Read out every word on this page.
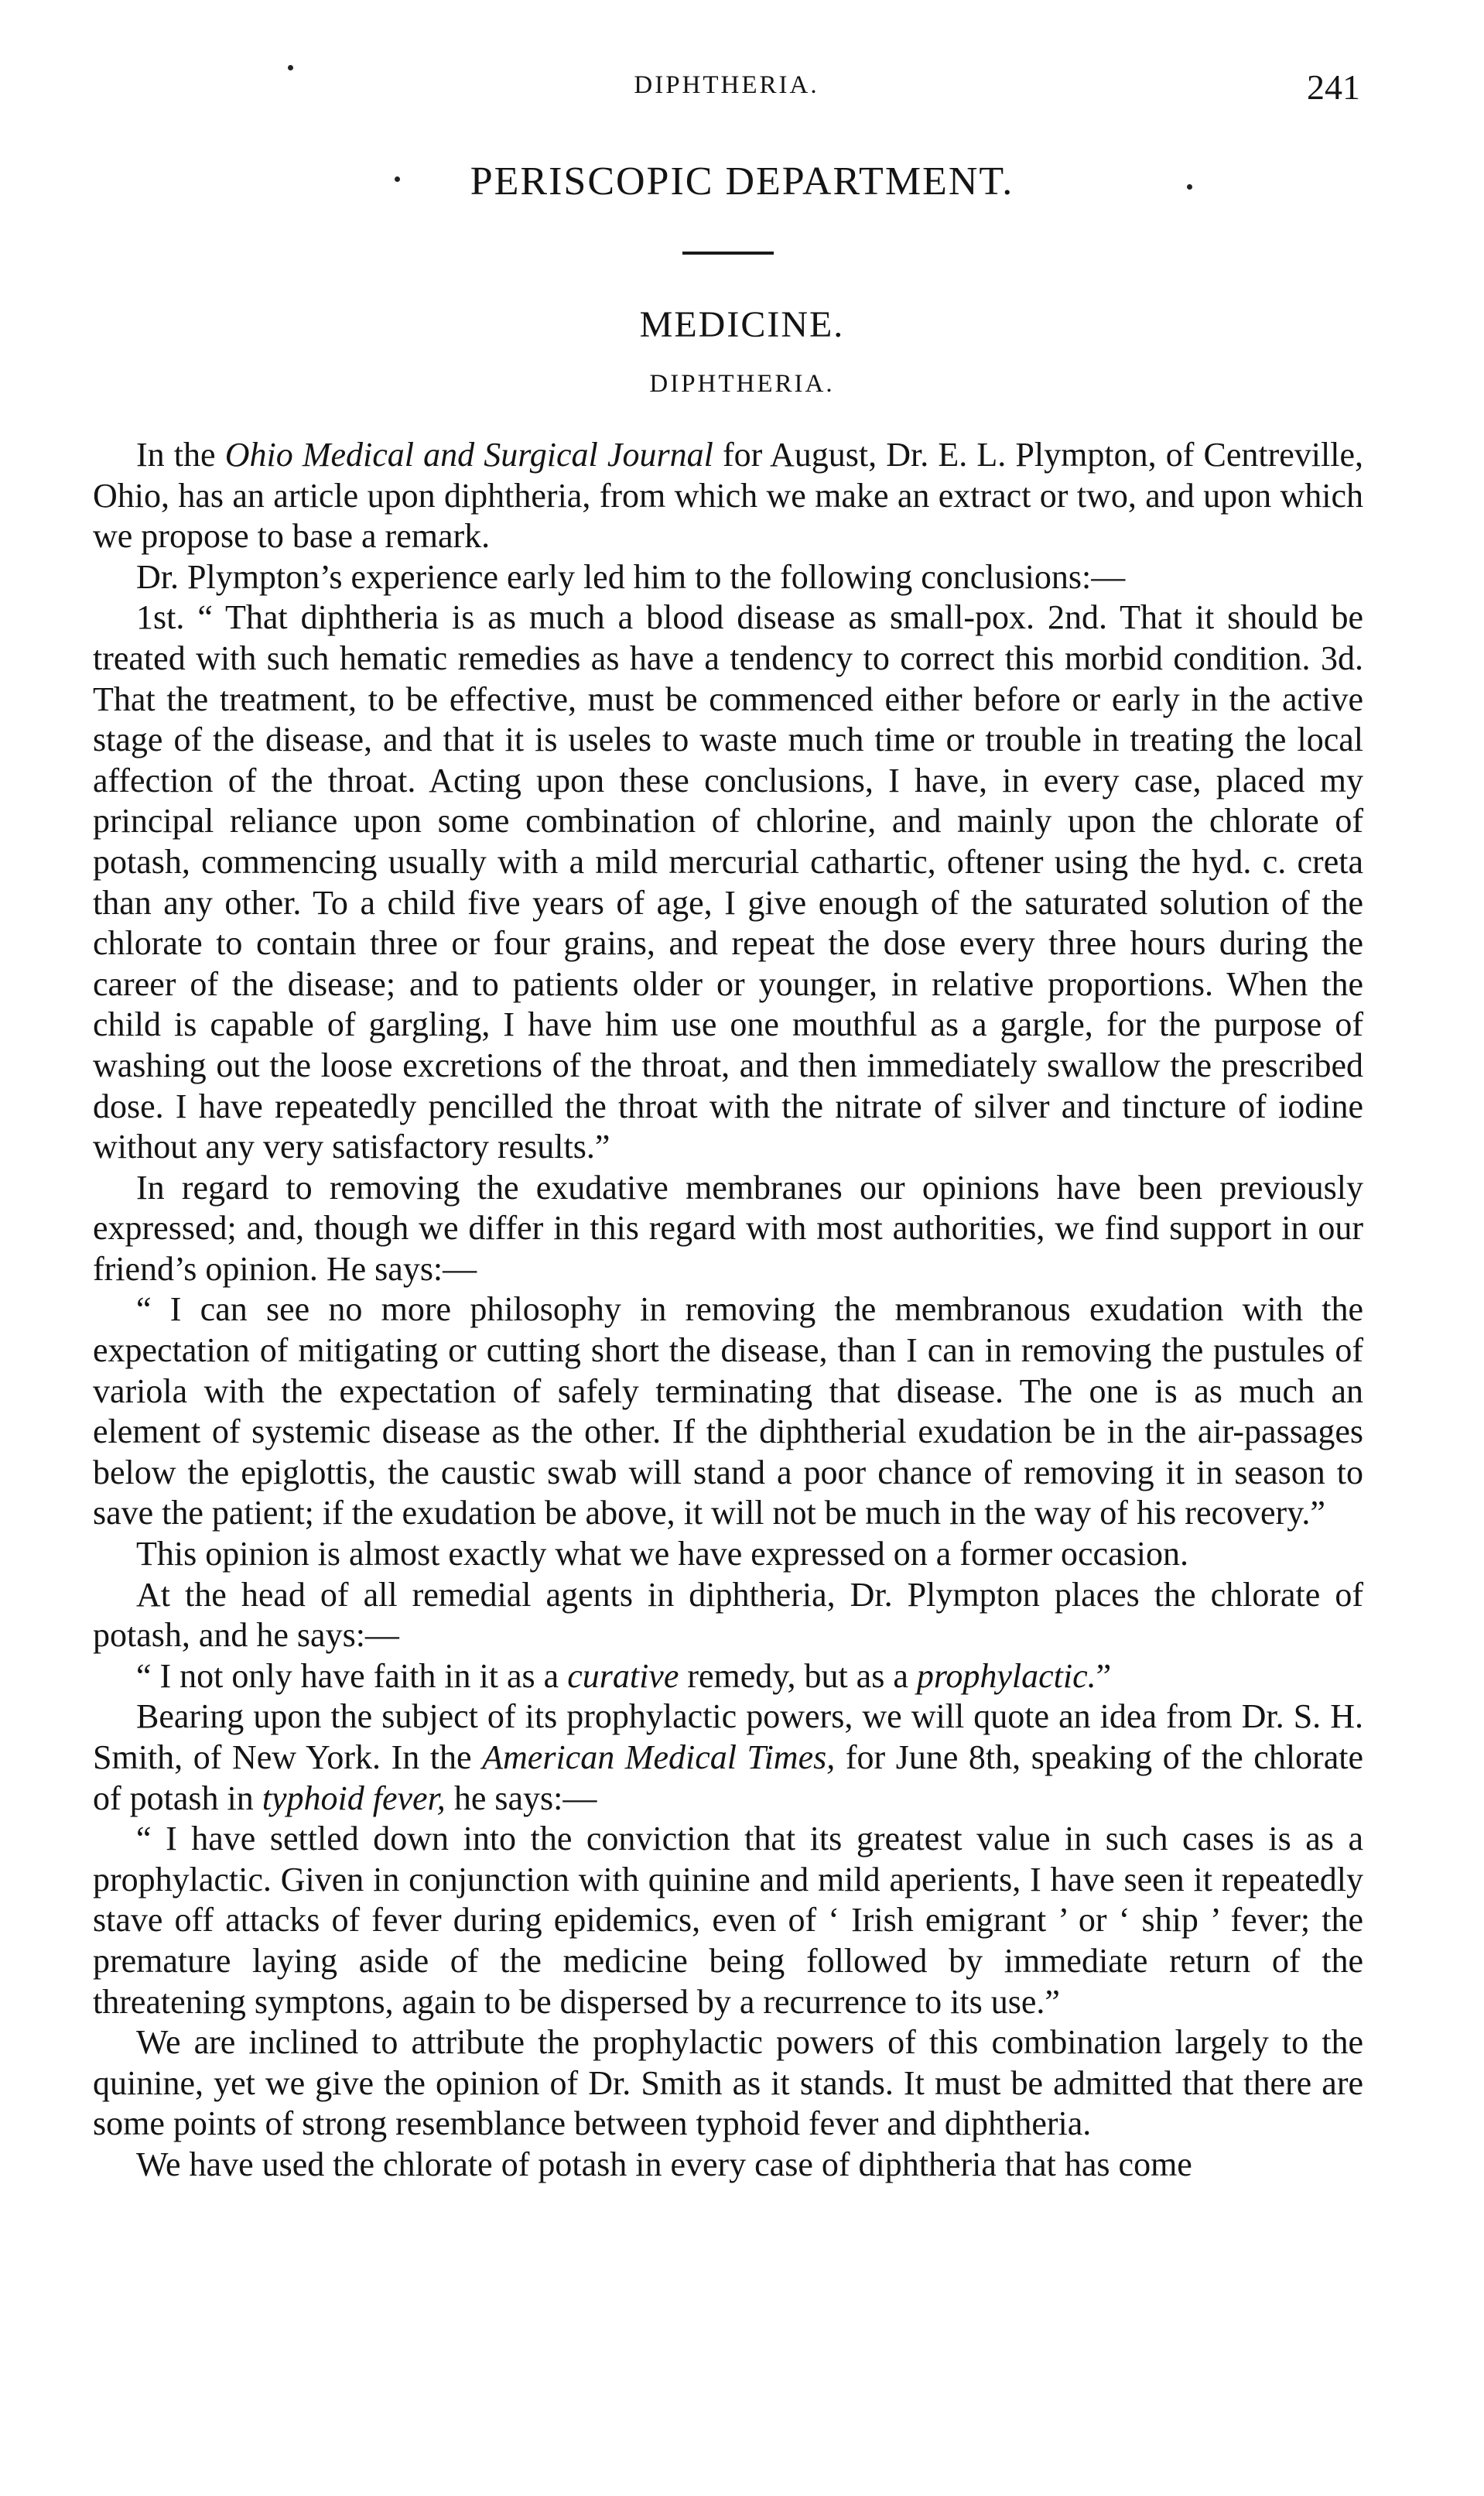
DIPHTHERIA.	241
PERISCOPIC DEPARTMENT.
MEDICINE.
DIPHTHERIA.

In the Ohio Medical and Surgical Journal for August, Dr. E. L. Plympton, of Centreville, Ohio, has an article upon diphtheria, from which we make an extract or two, and upon which we propose to base a remark.

Dr. Plympton’s experience early led him to the following conclusions:—

1st. “ That diphtheria is as much a blood disease as small-pox. 2nd. That it should be treated with such hematic remedies as have a tendency to correct this morbid condition. 3d. That the treatment, to be effective, must be commenced either before or early in the active stage of the disease, and that it is useles to waste much time or trouble in treating the local affection of the throat. Acting upon these conclusions, I have, in every case, placed my principal reliance upon some combination of chlorine, and mainly upon the chlorate of potash, commencing usually with a mild mercurial cathartic, oftener using the hyd. c. creta than any other. To a child five years of age, I give enough of the saturated solution of the chlorate to contain three or four grains, and repeat the dose every three hours during the career of the disease; and to patients older or younger, in relative proportions. When the child is capable of gargling, I have him use one mouthful as a gargle, for the purpose of washing out the loose excretions of the throat, and then immediately swallow the prescribed dose. I have repeatedly pencilled the throat with the nitrate of silver and tincture of iodine without any very satisfactory results.”

In regard to removing the exudative membranes our opinions have been previously expressed; and, though we differ in this regard with most authorities, we find support in our friend’s opinion. He says:—

“ I can see no more philosophy in removing the membranous exudation with the expectation of mitigating or cutting short the disease, than I can in removing the pustules of variola with the expectation of safely terminating that disease. The one is as much an element of systemic disease as the other. If the diphtherial exudation be in the air-passages below the epiglottis, the caustic swab will stand a poor chance of removing it in season to save the patient; if the exudation be above, it will not be much in the way of his recovery.”

This opinion is almost exactly what we have expressed on a former occasion.

At the head of all remedial agents in diphtheria, Dr. Plympton places the chlorate of potash, and he says:—

“ I not only have faith in it as a curative remedy, but as a prophylactic.”

Bearing upon the subject of its prophylactic powers, we will quote an idea from Dr. S. H. Smith, of New York. In the American Medical Times, for June 8th, speaking of the chlorate of potash in typhoid fever, he says:—

“ I have settled down into the conviction that its greatest value in such cases is as a prophylactic. Given in conjunction with quinine and mild aperients, I have seen it repeatedly stave off attacks of fever during epidemics, even of ‘ Irish emigrant ’ or ‘ ship ’ fever; the premature laying aside of the medicine being followed by immediate return of the threatening symptons, again to be dispersed by a recurrence to its use.”

We are inclined to attribute the prophylactic powers of this combination largely to the quinine, yet we give the opinion of Dr. Smith as it stands. It must be admitted that there are some points of strong resemblance between typhoid fever and diphtheria.

We have used the chlorate of potash in every case of diphtheria that has come
